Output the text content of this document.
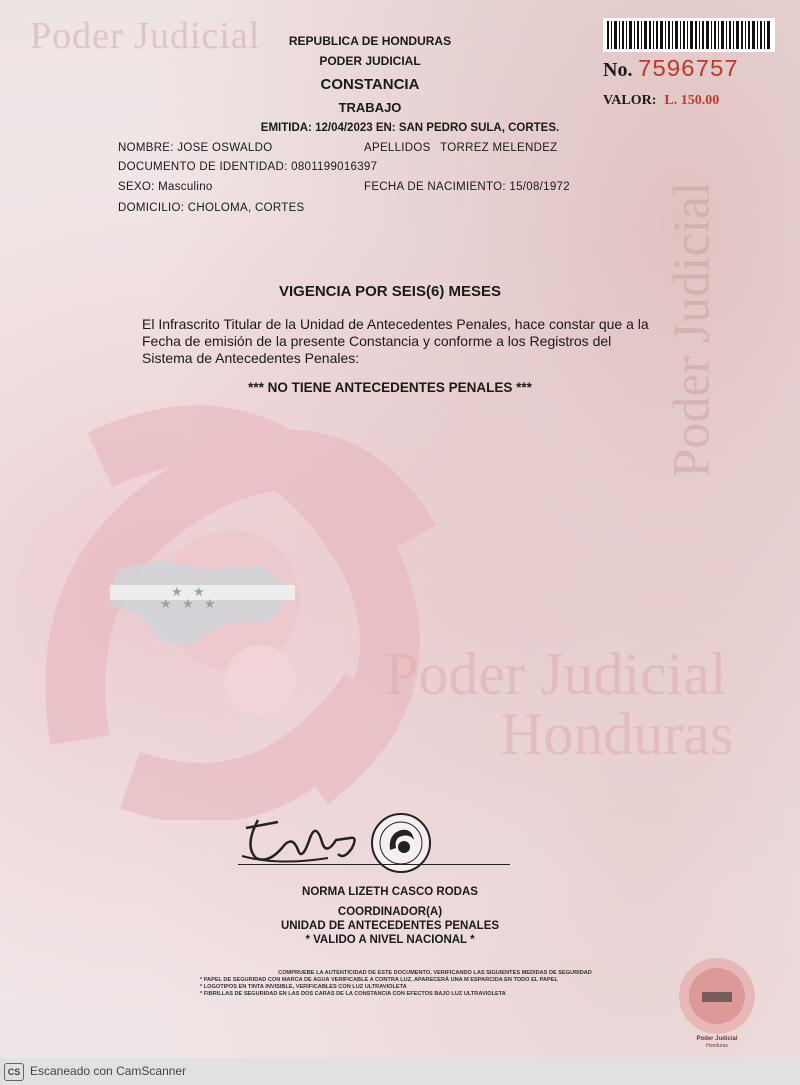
Poder Judicial
Poder Judicial
★ ★ ★
★ ★
Poder Judicial
Honduras
REPUBLICA DE HONDURAS
PODER JUDICIAL
CONSTANCIA
TRABAJO
EMITIDA: 12/04/2023 EN: SAN PEDRO SULA, CORTES.
No. 7596757
VALOR: L. 150.00
NOMBRE: JOSE OSWALDO	APELLIDOS TORREZ MELENDEZ
DOCUMENTO DE IDENTIDAD: 0801199016397
SEXO: Masculino	FECHA DE NACIMIENTO: 15/08/1972
DOMICILIO: CHOLOMA, CORTES
VIGENCIA POR SEIS(6) MESES
El Infrascrito Titular de la Unidad de Antecedentes Penales, hace constar que a la Fecha de emisión de la presente Constancia y conforme a los Registros del Sistema de Antecedentes Penales:
*** NO TIENE ANTECEDENTES PENALES ***
NORMA LIZETH CASCO RODAS
COORDINADOR(A)
UNIDAD DE ANTECEDENTES PENALES
* VALIDO A NIVEL NACIONAL *
COMPRUEBE LA AUTENTICIDAD DE ESTE DOCUMENTO, VERIFICANDO LAS SIGUIENTES MEDIDAS DE SEGURIDAD
* PAPEL DE SEGURIDAD CON MARCA DE AGUA VERIFICABLE A CONTRA LUZ, APARECERÁ UNA M ESPARCIDA EN TODO EL PAPEL
* LOGOTIPOS EN TINTA INVISIBLE, VERIFICABLES CON LUZ ULTRAVIOLETA
* FIBRILLAS DE SEGURIDAD EN LAS DOS CARAS DE LA CONSTANCIA CON EFECTOS BAJO LUZ ULTRAVIOLETA
Poder Judicial
Honduras
CS Escaneado con CamScanner
